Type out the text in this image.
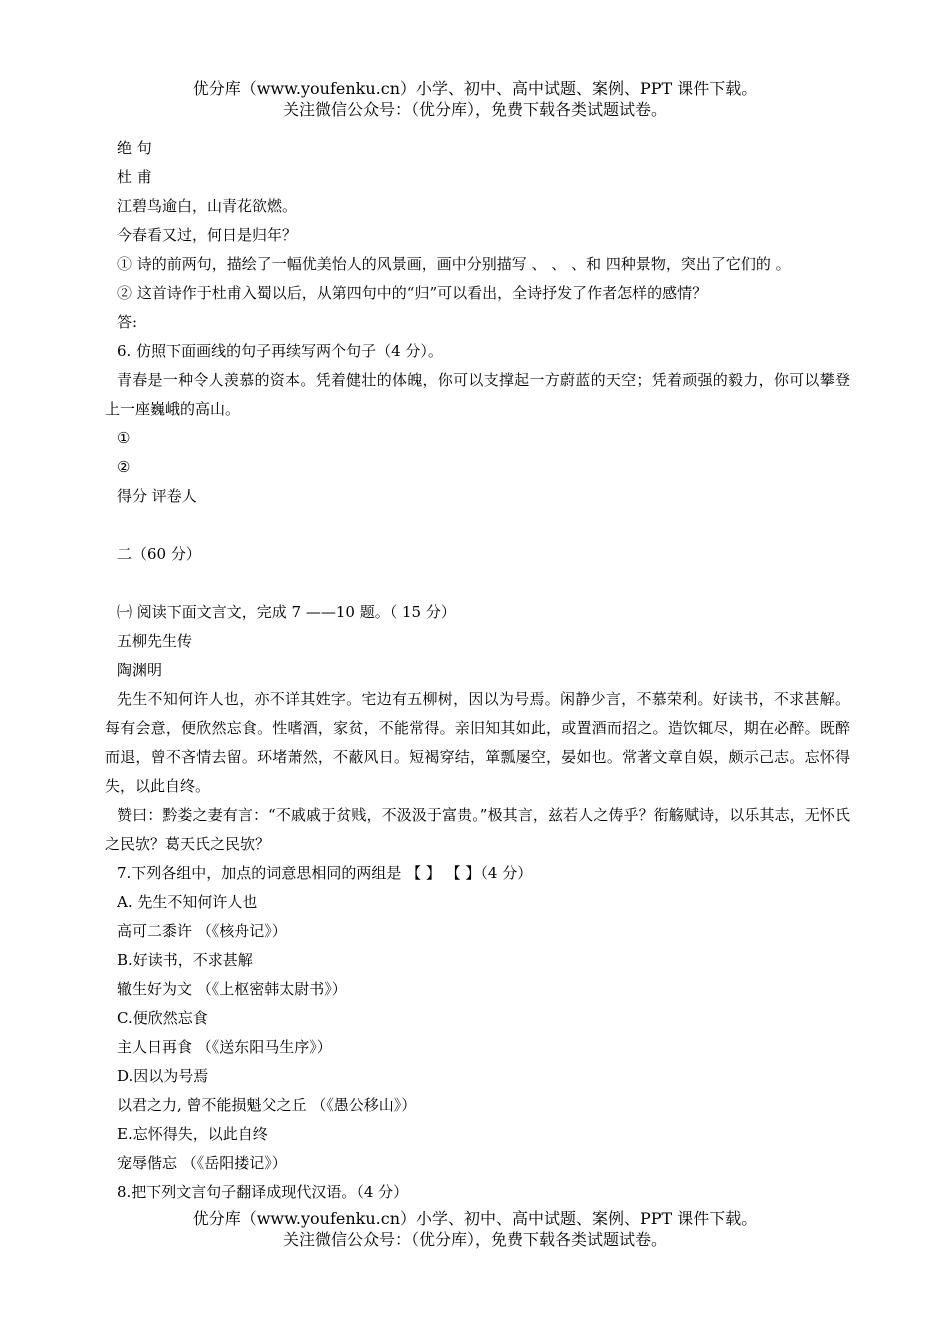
优分库（www.youfenku.cn）小学、初中、高中试题、案例、PPT 课件下载。
关注微信公众号：（优分库），免费下载各类试题试卷。
绝 句
杜 甫
江碧鸟逾白，山青花欲燃。
今春看又过，何日是归年？
① 诗的前两句，描绘了一幅优美怡人的风景画，画中分别描写 、 、 、和 四种景物，突出了它们的 。
② 这首诗作于杜甫入蜀以后，从第四句中的“归”可以看出，全诗抒发了作者怎样的感情？
答:
6. 仿照下面画线的句子再续写两个句子（4 分）。
青春是一种令人羡慕的资本。凭着健壮的体魄，你可以支撑起一方蔚蓝的天空；凭着顽强的毅力，你可以攀登上一座巍峨的高山。
①
②
得分 评卷人
二（60 分）
㈠ 阅读下面文言文，完成 7 ——10 题。（ 15 分）
五柳先生传
陶渊明
先生不知何许人也，亦不详其姓字。宅边有五柳树，因以为号焉。闲静少言，不慕荣利。好读书，不求甚解。每有会意，便欣然忘食。性嗜酒，家贫，不能常得。亲旧知其如此，或置酒而招之。造饮辄尽，期在必醉。既醉而退，曾不吝情去留。环堵萧然，不蔽风日。短褐穿结，箪瓢屡空，晏如也。常著文章自娱，颇示己志。忘怀得失，以此自终。
赞曰：黔娄之妻有言：“不戚戚于贫贱，不汲汲于富贵。”极其言，兹若人之俦乎？衔觞赋诗，以乐其志，无怀氏之民欤？葛天氏之民欤？
7.下列各组中，加点的词意思相同的两组是 【 】 【 】（4 分）
A. 先生不知何许人也
高可二黍许 （《核舟记》）
B.好读书，不求甚解
辙生好为文 （《上枢密韩太尉书》）
C.便欣然忘食
主人日再食 （《送东阳马生序》）
D.因以为号焉
以君之力, 曾不能损魁父之丘 （《愚公移山》）
E.忘怀得失，以此自终
宠辱偕忘 （《岳阳搂记》）
8.把下列文言句子翻译成现代汉语。（4 分）
优分库（www.youfenku.cn）小学、初中、高中试题、案例、PPT 课件下载。
关注微信公众号：（优分库），免费下载各类试题试卷。
